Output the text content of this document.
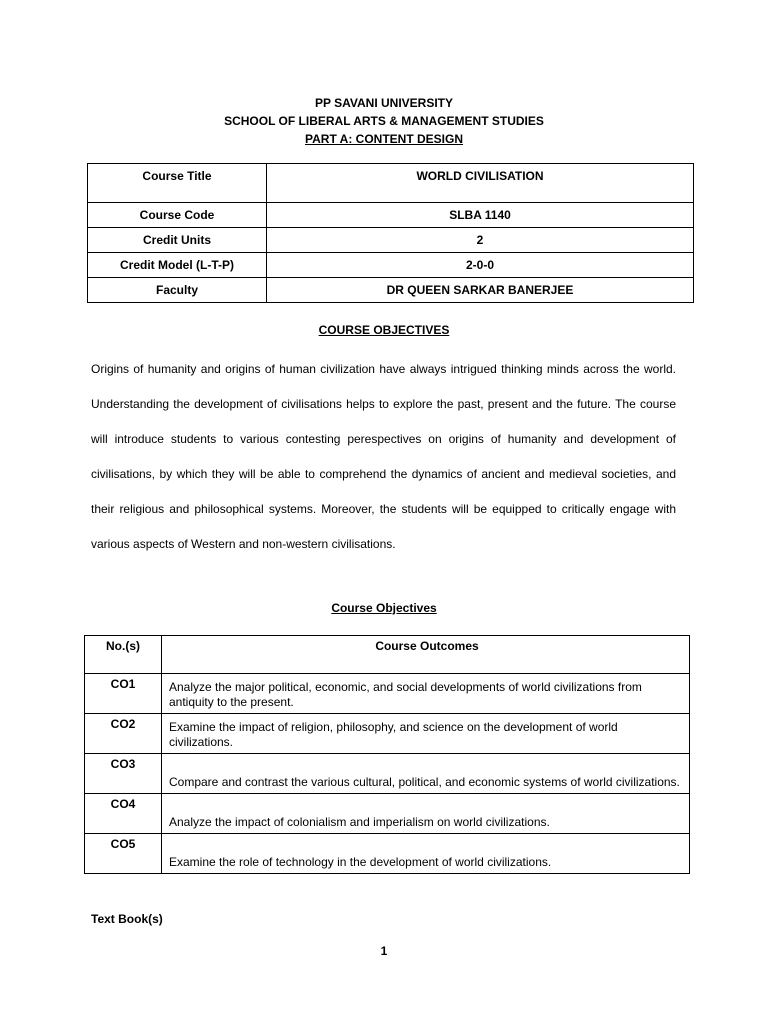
PP SAVANI UNIVERSITY
SCHOOL OF LIBERAL ARTS & MANAGEMENT STUDIES
PART A: CONTENT DESIGN
Course Title	WORLD CIVILISATION
Course Code	SLBA 1140
Credit Units	2
Credit Model (L-T-P)	2-0-0
Faculty	DR QUEEN SARKAR BANERJEE
COURSE OBJECTIVES

Origins of humanity and origins of human civilization have always intrigued thinking minds across the world. Understanding the development of civilisations helps to explore the past, present and the future. The course will introduce students to various contesting perespectives on origins of humanity and development of civilisations, by which they will be able to comprehend the dynamics of ancient and medieval societies, and their religious and philosophical systems. Moreover, the students will be equipped to critically engage with various aspects of Western and non-western civilisations.

Course Objectives
No.(s)	Course Outcomes
CO1	Analyze the major political, economic, and social developments of world civilizations from antiquity to the present.
CO2	Examine the impact of religion, philosophy, and science on the development of world civilizations.
CO3	Compare and contrast the various cultural, political, and economic systems of world civilizations.
CO4	Analyze the impact of colonialism and imperialism on world civilizations.
CO5	Examine the role of technology in the development of world civilizations.
Text Book(s)
1
